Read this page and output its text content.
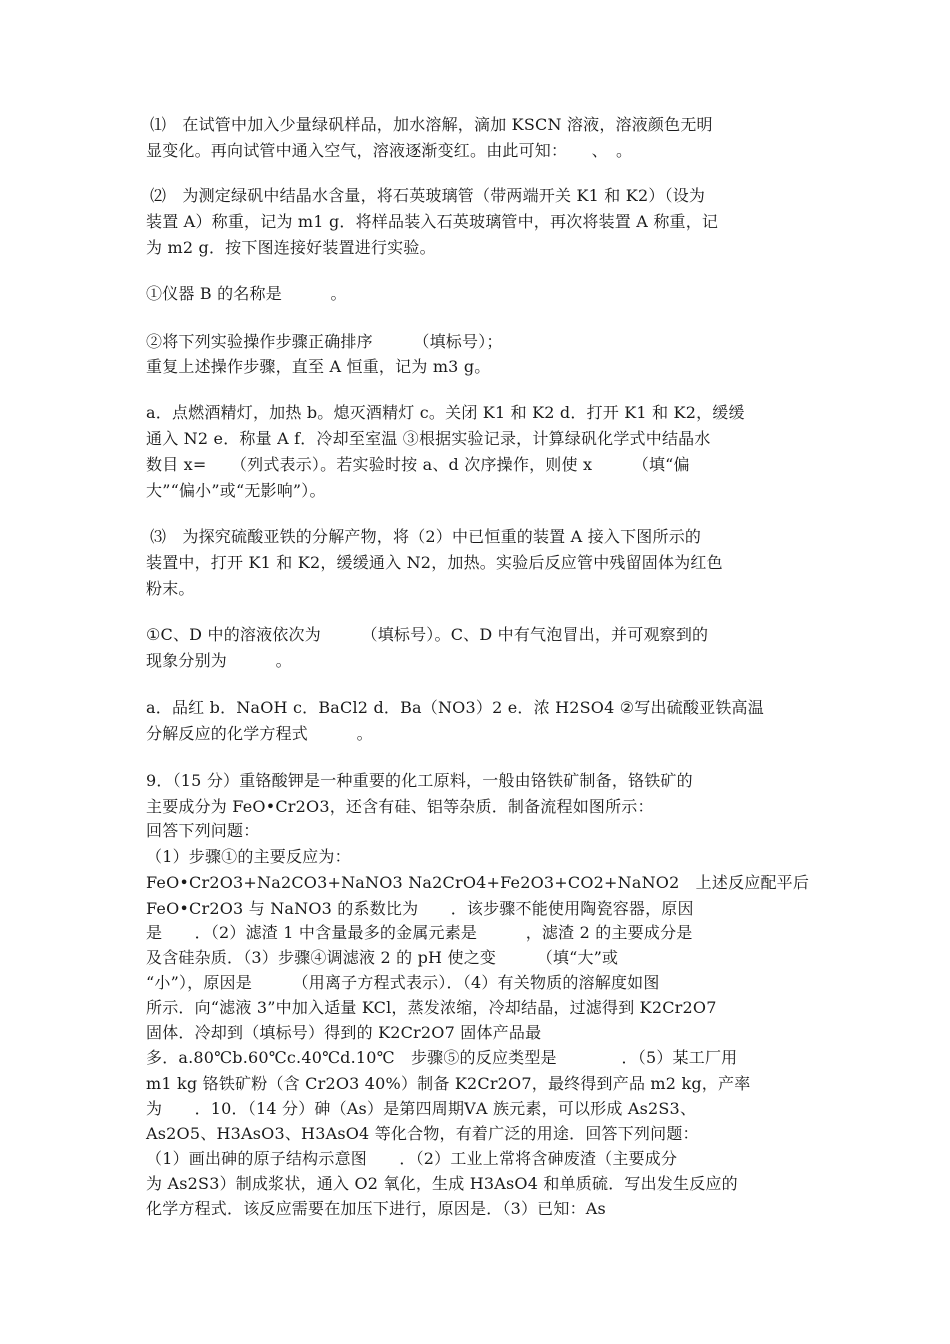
⑴　在试管中加入少量绿矾样品，加水溶解，滴加 KSCN 溶液，溶液颜色无明
显变化。再向试管中通入空气，溶液逐渐变红。由此可知：　　、　。
⑵　为测定绿矾中结晶水含量，将石英玻璃管（带两端开关 K1 和 K2）（设为
装置 A）称重，记为 m1 g．将样品装入石英玻璃管中，再次将装置 A 称重，记
为 m2 g．按下图连接好装置进行实验。
①仪器 B 的名称是　　　。
②将下列实验操作步骤正确排序　　　（填标号）；
重复上述操作步骤，直至 A 恒重，记为 m3 g。
a．点燃酒精灯，加热 b。熄灭酒精灯 c。关闭 K1 和 K2 d．打开 K1 和 K2，缓缓
通入 N2 e．称量 A f．冷却至室温 ③根据实验记录，计算绿矾化学式中结晶水
数目 x=　　（列式表示）。若实验时按 a、d 次序操作，则使 x　　　（填“偏
大”“偏小”或“无影响”）。
⑶　为探究硫酸亚铁的分解产物，将（2）中已恒重的装置 A 接入下图所示的
装置中，打开 K1 和 K2，缓缓通入 N2，加热。实验后反应管中残留固体为红色
粉末。
①C、D 中的溶液依次为　　　（填标号）。C、D 中有气泡冒出，并可观察到的
现象分别为　　　。
a．品红 b．NaOH c．BaCl2 d．Ba（NO3）2 e．浓 H2SO4 ②写出硫酸亚铁高温
分解反应的化学方程式　　　。
9．（15 分）重铬酸钾是一种重要的化工原料，一般由铬铁矿制备，铬铁矿的
主要成分为 FeO•Cr2O3，还含有硅、铝等杂质．制备流程如图所示：
回答下列问题：
（1）步骤①的主要反应为：
FeO•Cr2O3+Na2CO3+NaNO3 Na2CrO4+Fe2O3+CO2+NaNO2　上述反应配平后
FeO•Cr2O3 与 NaNO3 的系数比为　　．该步骤不能使用陶瓷容器，原因
是　　．（2）滤渣 1 中含量最多的金属元素是　　　，滤渣 2 的主要成分是
及含硅杂质．（3）步骤④调滤液 2 的 pH 使之变　　　（填“大”或
“小”），原因是　　　（用离子方程式表示）．（4）有关物质的溶解度如图
所示．向“滤液 3”中加入适量 KCl，蒸发浓缩，冷却结晶，过滤得到 K2Cr2O7
固体．冷却到（填标号）得到的 K2Cr2O7 固体产品最
多．a.80℃b.60℃c.40℃d.10℃　步骤⑤的反应类型是　　　　．（5）某工厂用
m1 kg 铬铁矿粉（含 Cr2O3 40%）制备 K2Cr2O7，最终得到产品 m2 kg，产率
为　　．10．（14 分）砷（As）是第四周期ⅤA 族元素，可以形成 As2S3、
As2O5、H3AsO3、H3AsO4 等化合物，有着广泛的用途．回答下列问题：
（1）画出砷的原子结构示意图　　．（2）工业上常将含砷废渣（主要成分
为 As2S3）制成浆状，通入 O2 氧化，生成 H3AsO4 和单质硫．写出发生反应的
化学方程式．该反应需要在加压下进行，原因是．（3）已知：As
